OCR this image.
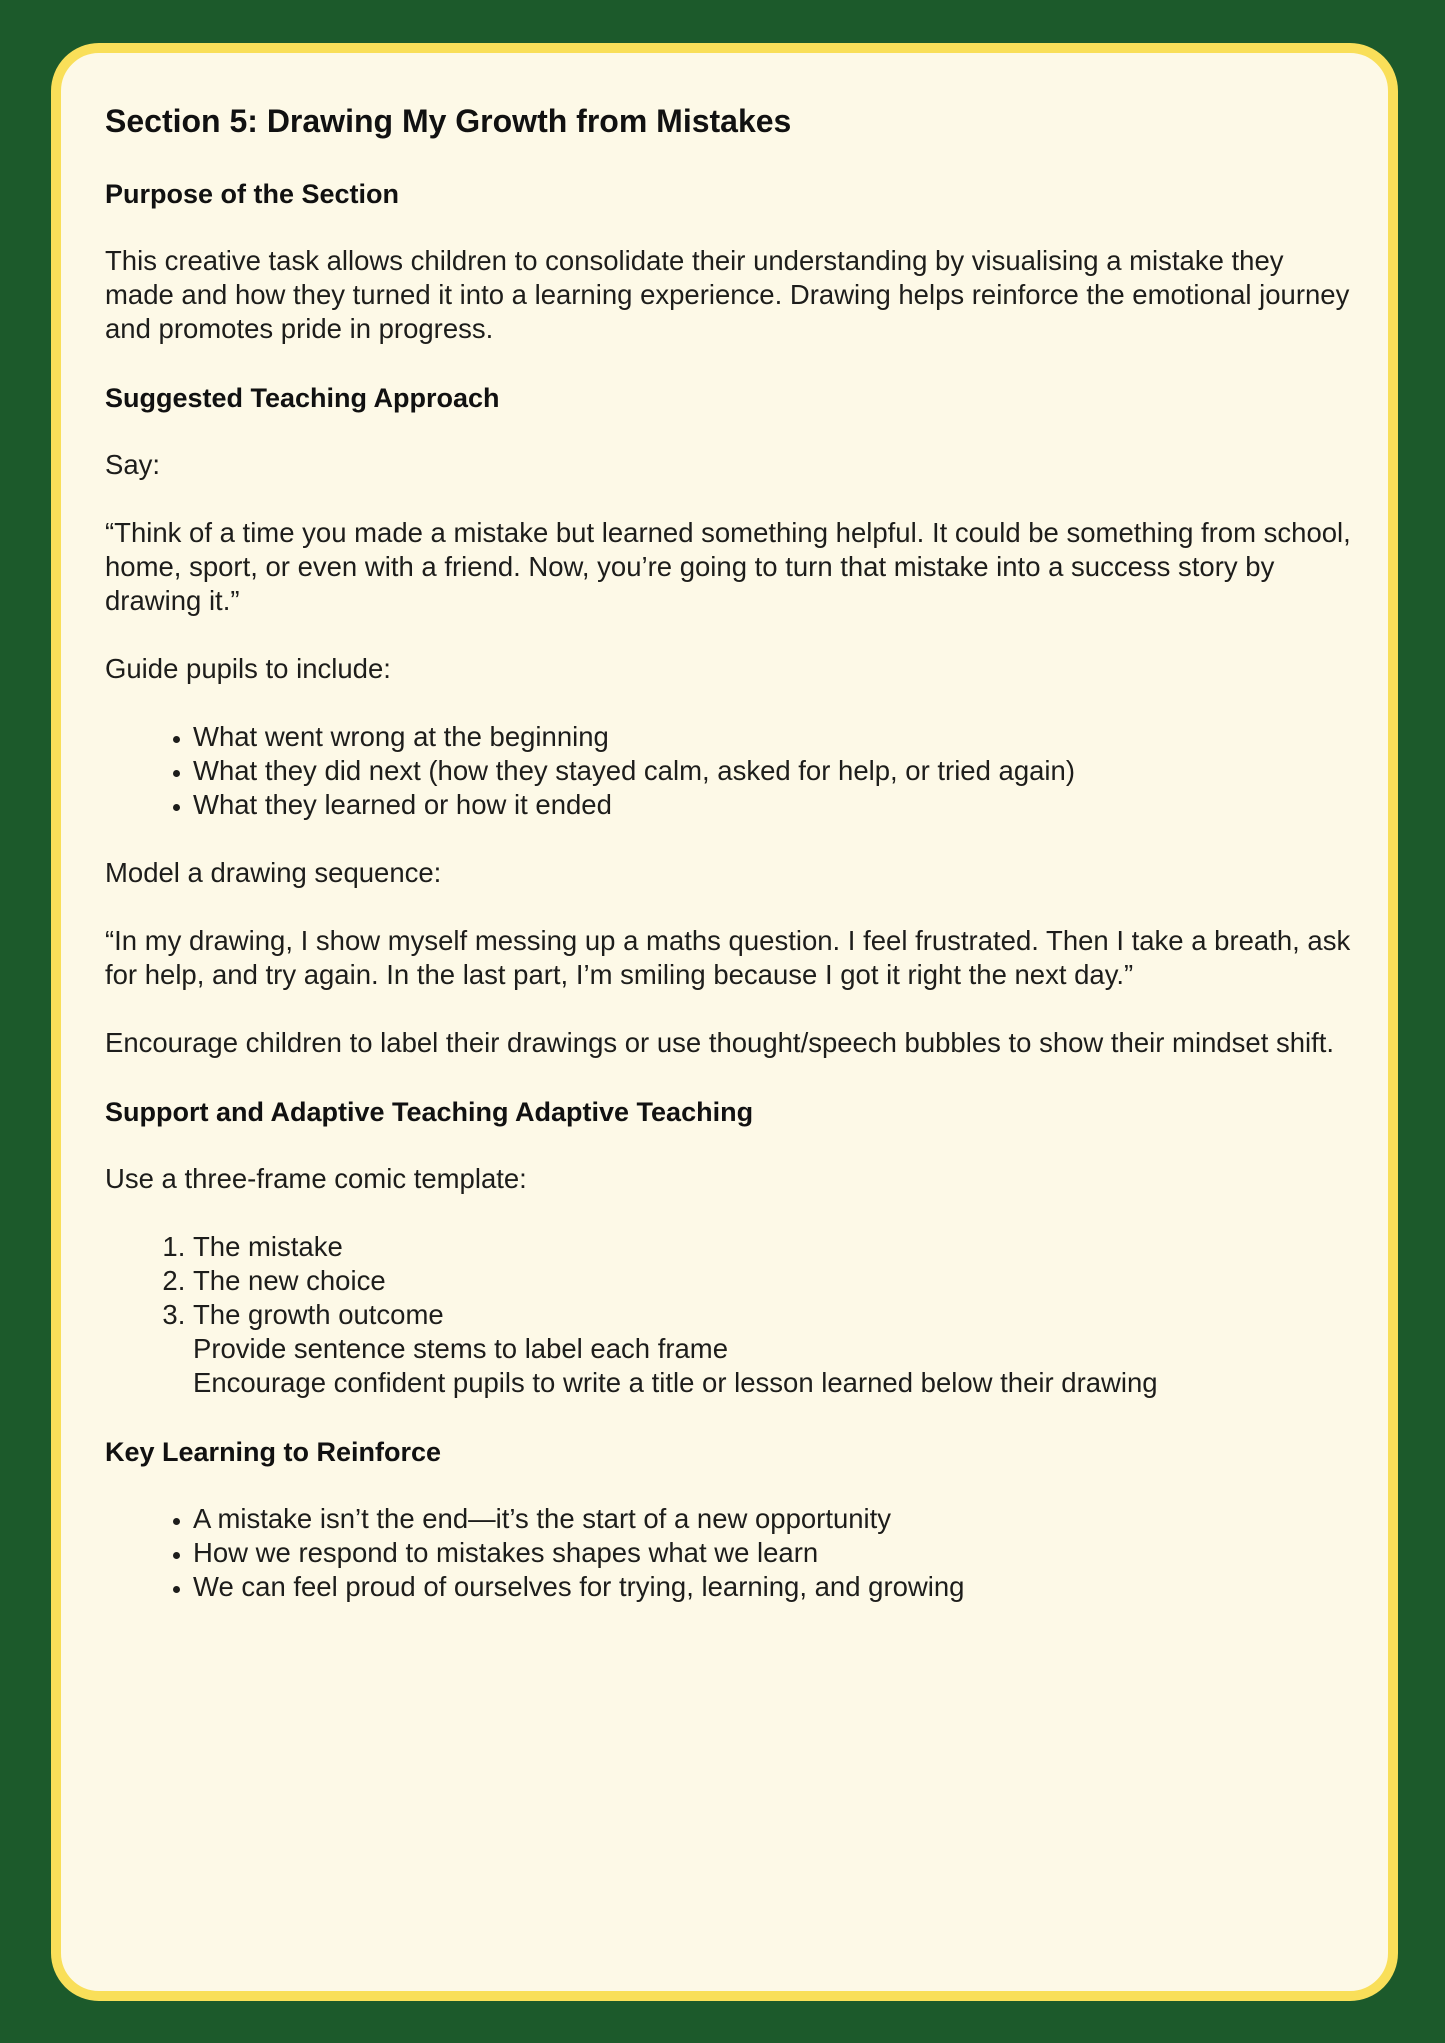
Section 5: Drawing My Growth from Mistakes
Purpose of the Section

This creative task allows children to consolidate their understanding by visualising a mistake they made and how they turned it into a learning experience. Drawing helps reinforce the emotional journey and promotes pride in progress.

Suggested Teaching Approach

Say:

“Think of a time you made a mistake but learned something helpful. It could be something from school, home, sport, or even with a friend. Now, you’re going to turn that mistake into a success story by drawing it.”

Guide pupils to include:

• What went wrong at the beginning
• What they did next (how they stayed calm, asked for help, or tried again)
• What they learned or how it ended

Model a drawing sequence:

“In my drawing, I show myself messing up a maths question. I feel frustrated. Then I take a breath, ask for help, and try again. In the last part, I’m smiling because I got it right the next day.”

Encourage children to label their drawings or use thought/speech bubbles to show their mindset shift.

Support and Adaptive Teaching Adaptive Teaching

Use a three-frame comic template:

1. The mistake
2. The new choice
3. The growth outcome
Provide sentence stems to label each frame
Encourage confident pupils to write a title or lesson learned below their drawing
Key Learning to Reinforce
• A mistake isn’t the end—it’s the start of a new opportunity
• How we respond to mistakes shapes what we learn
• We can feel proud of ourselves for trying, learning, and growing
